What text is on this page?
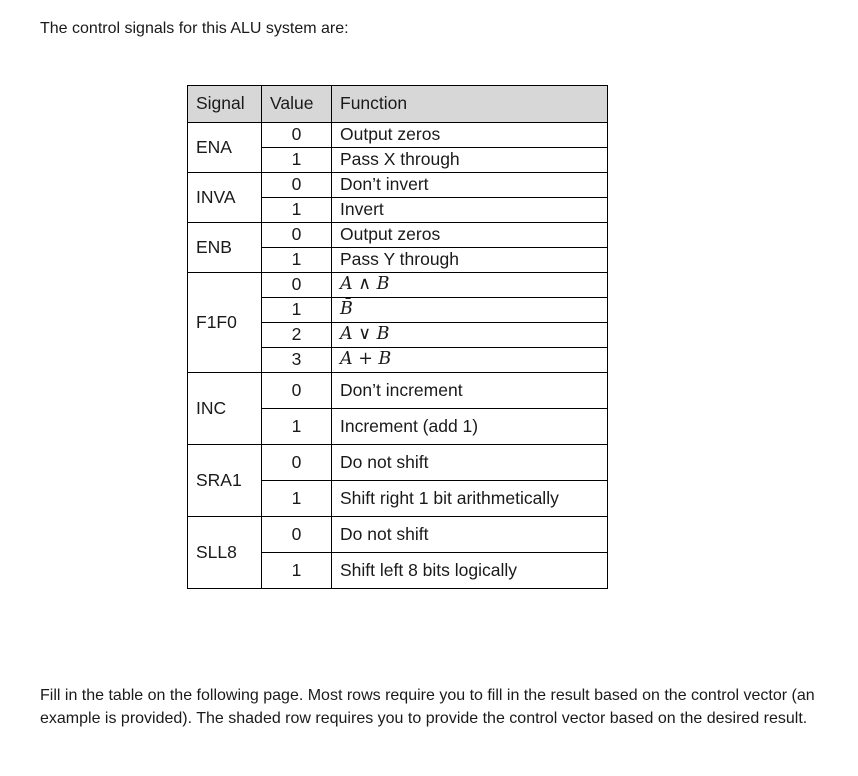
The control signals for this ALU system are:

Signal	Value	Function
ENA	0	Output zeros
	1	Pass X through
INVA	0	Don’t invert
	1	Invert
ENB	0	Output zeros
	1	Pass Y through
F1F0	0	A ∧ B
	1	B̄
	2	A ∨ B
	3	A + B
INC	0	Don’t increment
	1	Increment (add 1)
SRA1	0	Do not shift
	1	Shift right 1 bit arithmetically
SLL8	0	Do not shift
	1	Shift left 8 bits logically

Fill in the table on the following page. Most rows require you to fill in the result based on the control vector (an example is provided). The shaded row requires you to provide the control vector based on the desired result.
